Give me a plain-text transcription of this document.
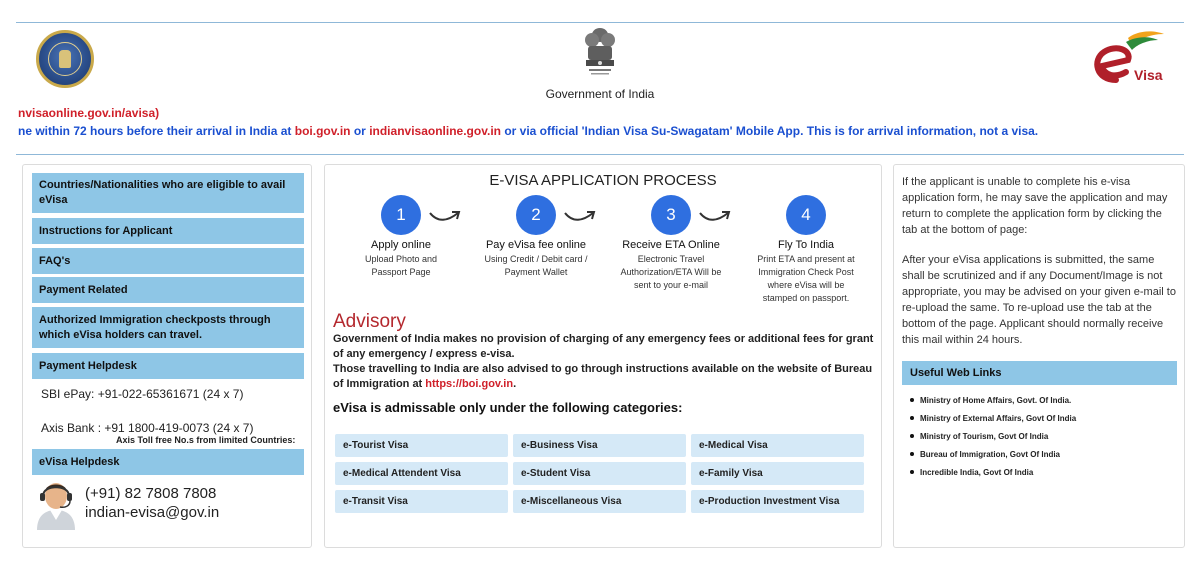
Government of India
Visa
nvisaonline.gov.in/avisa)
ne within 72 hours before their arrival in India at boi.gov.in or indianvisaonline.gov.in or via official 'Indian Visa Su-Swagatam' Mobile App. This is for arrival information, not a visa.
Countries/Nationalities who are eligible to avail eVisa
Instructions for Applicant
FAQ's
Payment Related
Authorized Immigration checkposts through which eVisa holders can travel.
Payment Helpdesk
SBI ePay: +91-022-65361671 (24 x 7)
Axis Bank : +91 1800-419-0073 (24 x 7)
Axis Toll free No.s from limited Countries:
eVisa Helpdesk
(+91) 82 7808 7808
indian-evisa@gov.in
E-VISA APPLICATION PROCESS
1
Apply online
Upload Photo and Passport Page
2
Pay eVisa fee online
Using Credit / Debit card / Payment Wallet
3
Receive ETA Online
Electronic Travel Authorization/ETA Will be sent to your e-mail
4
Fly To India
Print ETA and present at Immigration Check Post where eVisa will be stamped on passport.
Advisory
Government of India makes no provision of charging of any emergency fees or additional fees for grant of any emergency / express e-visa.
Those travelling to India are also advised to go through instructions available on the website of Bureau of Immigration at https://boi.gov.in.
eVisa is admissable only under the following categories:
e-Tourist Visa	e-Business Visa	e-Medical Visa
e-Medical Attendent Visa	e-Student Visa	e-Family Visa
e-Transit Visa	e-Miscellaneous Visa	e-Production Investment Visa
If the applicant is unable to complete his e-visa application form, he may save the application and may return to complete the application form by clicking the tab at the bottom of page:
After your eVisa applications is submitted, the same shall be scrutinized and if any Document/Image is not appropriate, you may be advised on your given e-mail to re-upload the same. To re-upload use the tab at the bottom of the page. Applicant should normally receive this mail within 24 hours.
Useful Web Links
Ministry of Home Affairs, Govt. Of India.
Ministry of External Affairs, Govt Of India
Ministry of Tourism, Govt Of India
Bureau of Immigration, Govt Of India
Incredible India, Govt Of India
